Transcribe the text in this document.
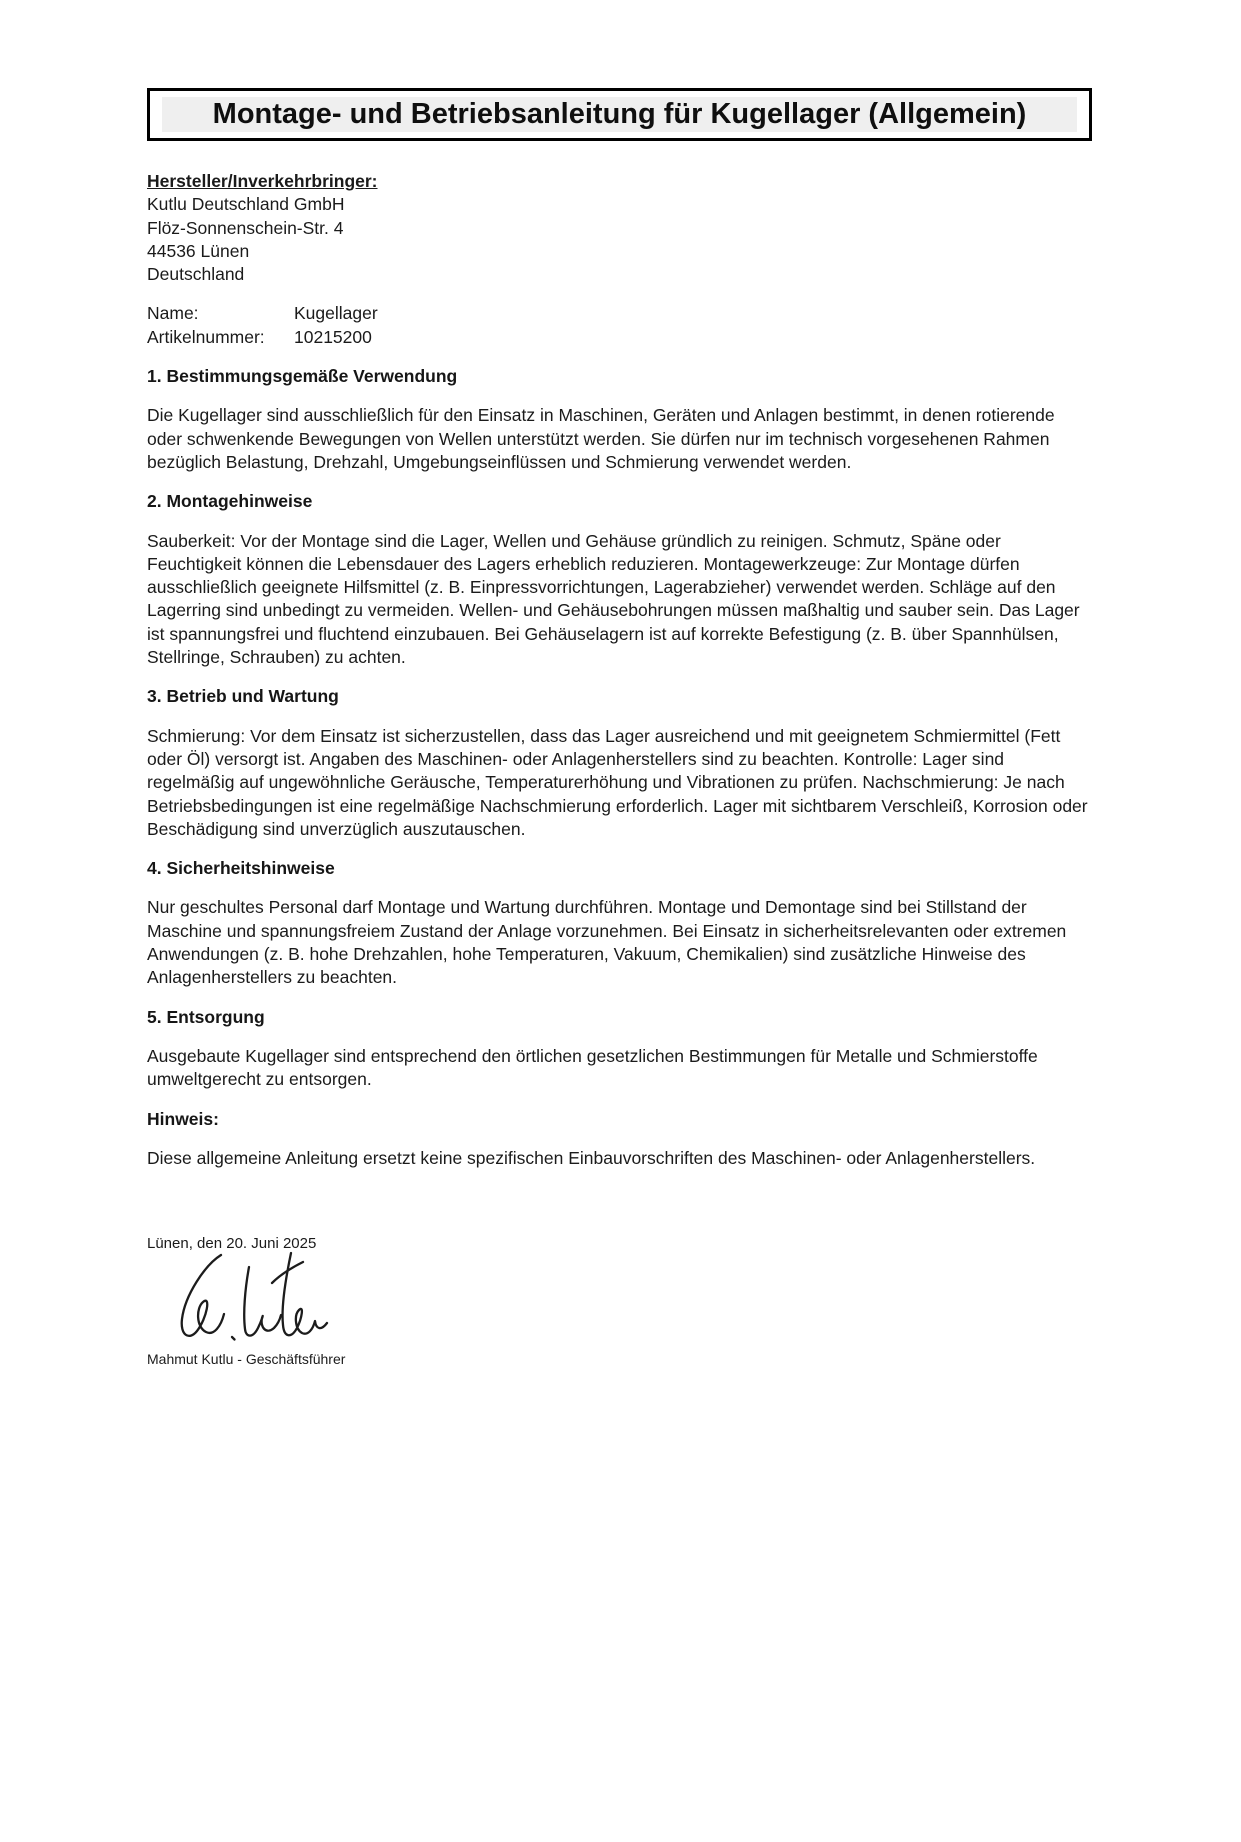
Montage- und Betriebsanleitung für Kugellager (Allgemein)
Hersteller/Inverkehrbringer:
Kutlu Deutschland GmbH
Flöz-Sonnenschein-Str. 4
44536 Lünen
Deutschland
Name:	Kugellager
Artikelnummer:	10215200
1. Bestimmungsgemäße Verwendung
Die Kugellager sind ausschließlich für den Einsatz in Maschinen, Geräten und Anlagen bestimmt, in denen rotierende oder schwenkende Bewegungen von Wellen unterstützt werden. Sie dürfen nur im technisch vorgesehenen Rahmen bezüglich Belastung, Drehzahl, Umgebungseinflüssen und Schmierung verwendet werden.
2. Montagehinweise
Sauberkeit: Vor der Montage sind die Lager, Wellen und Gehäuse gründlich zu reinigen. Schmutz, Späne oder Feuchtigkeit können die Lebensdauer des Lagers erheblich reduzieren. Montagewerkzeuge: Zur Montage dürfen ausschließlich geeignete Hilfsmittel (z. B. Einpressvorrichtungen, Lagerabzieher) verwendet werden. Schläge auf den Lagerring sind unbedingt zu vermeiden. Wellen- und Gehäusebohrungen müssen maßhaltig und sauber sein. Das Lager ist spannungsfrei und fluchtend einzubauen. Bei Gehäuselagern ist auf korrekte Befestigung (z. B. über Spannhülsen, Stellringe, Schrauben) zu achten.
3. Betrieb und Wartung
Schmierung: Vor dem Einsatz ist sicherzustellen, dass das Lager ausreichend und mit geeignetem Schmiermittel (Fett oder Öl) versorgt ist. Angaben des Maschinen- oder Anlagenherstellers sind zu beachten. Kontrolle: Lager sind regelmäßig auf ungewöhnliche Geräusche, Temperaturerhöhung und Vibrationen zu prüfen. Nachschmierung: Je nach Betriebsbedingungen ist eine regelmäßige Nachschmierung erforderlich. Lager mit sichtbarem Verschleiß, Korrosion oder Beschädigung sind unverzüglich auszutauschen.
4. Sicherheitshinweise
Nur geschultes Personal darf Montage und Wartung durchführen. Montage und Demontage sind bei Stillstand der Maschine und spannungsfreiem Zustand der Anlage vorzunehmen. Bei Einsatz in sicherheitsrelevanten oder extremen Anwendungen (z. B. hohe Drehzahlen, hohe Temperaturen, Vakuum, Chemikalien) sind zusätzliche Hinweise des Anlagenherstellers zu beachten.
5. Entsorgung
Ausgebaute Kugellager sind entsprechend den örtlichen gesetzlichen Bestimmungen für Metalle und Schmierstoffe umweltgerecht zu entsorgen.
Hinweis:
Diese allgemeine Anleitung ersetzt keine spezifischen Einbauvorschriften des Maschinen- oder Anlagenherstellers.
Lünen, den 20. Juni 2025
Mahmut Kutlu - Geschäftsführer
